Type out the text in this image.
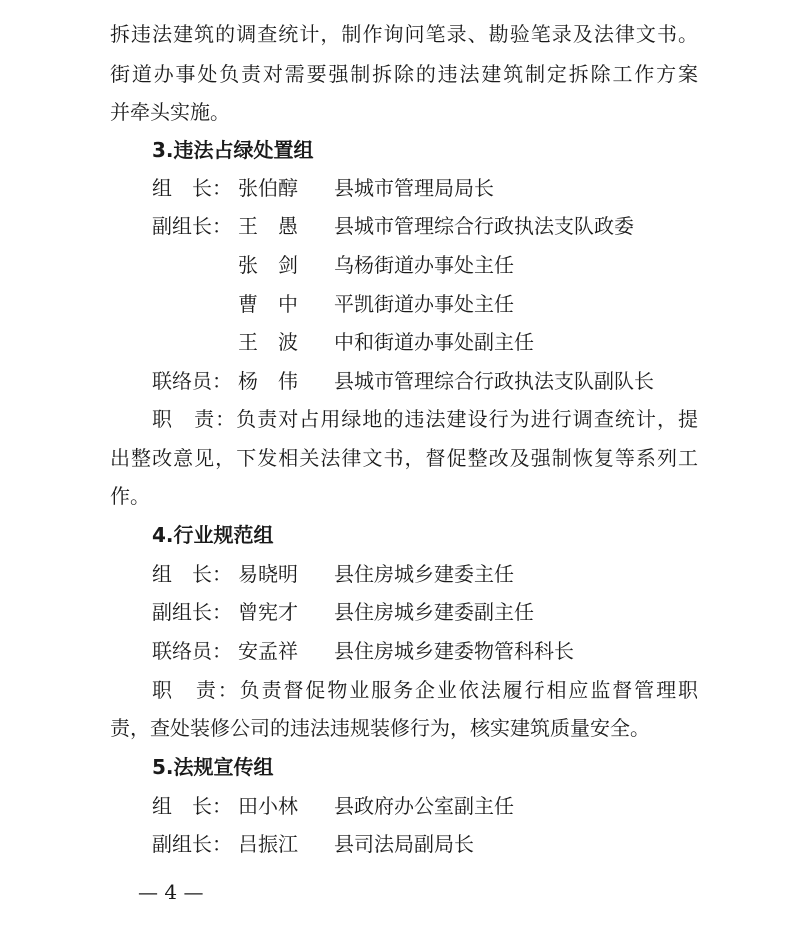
拆违法建筑的调查统计，制作询问笔录、勘验笔录及法律文书。
街道办事处负责对需要强制拆除的违法建筑制定拆除工作方案
并牵头实施。
3.违法占绿处置组
组　长： 张伯醇 县城市管理局局长
副组长： 王　愚 县城市管理综合行政执法支队政委
张　剑 乌杨街道办事处主任
曹　中 平凯街道办事处主任
王　波 中和街道办事处副主任
联络员： 杨　伟 县城市管理综合行政执法支队副队长
职　责：负责对占用绿地的违法建设行为进行调查统计，提
出整改意见，下发相关法律文书，督促整改及强制恢复等系列工
作。
4.行业规范组
组　长： 易晓明 县住房城乡建委主任
副组长： 曾宪才 县住房城乡建委副主任
联络员： 安孟祥 县住房城乡建委物管科科长
职　责：负责督促物业服务企业依法履行相应监督管理职
责，查处装修公司的违法违规装修行为，核实建筑质量安全。
5.法规宣传组
组　长： 田小林 县政府办公室副主任
副组长： 吕振江 县司法局副局长
— 4 —
